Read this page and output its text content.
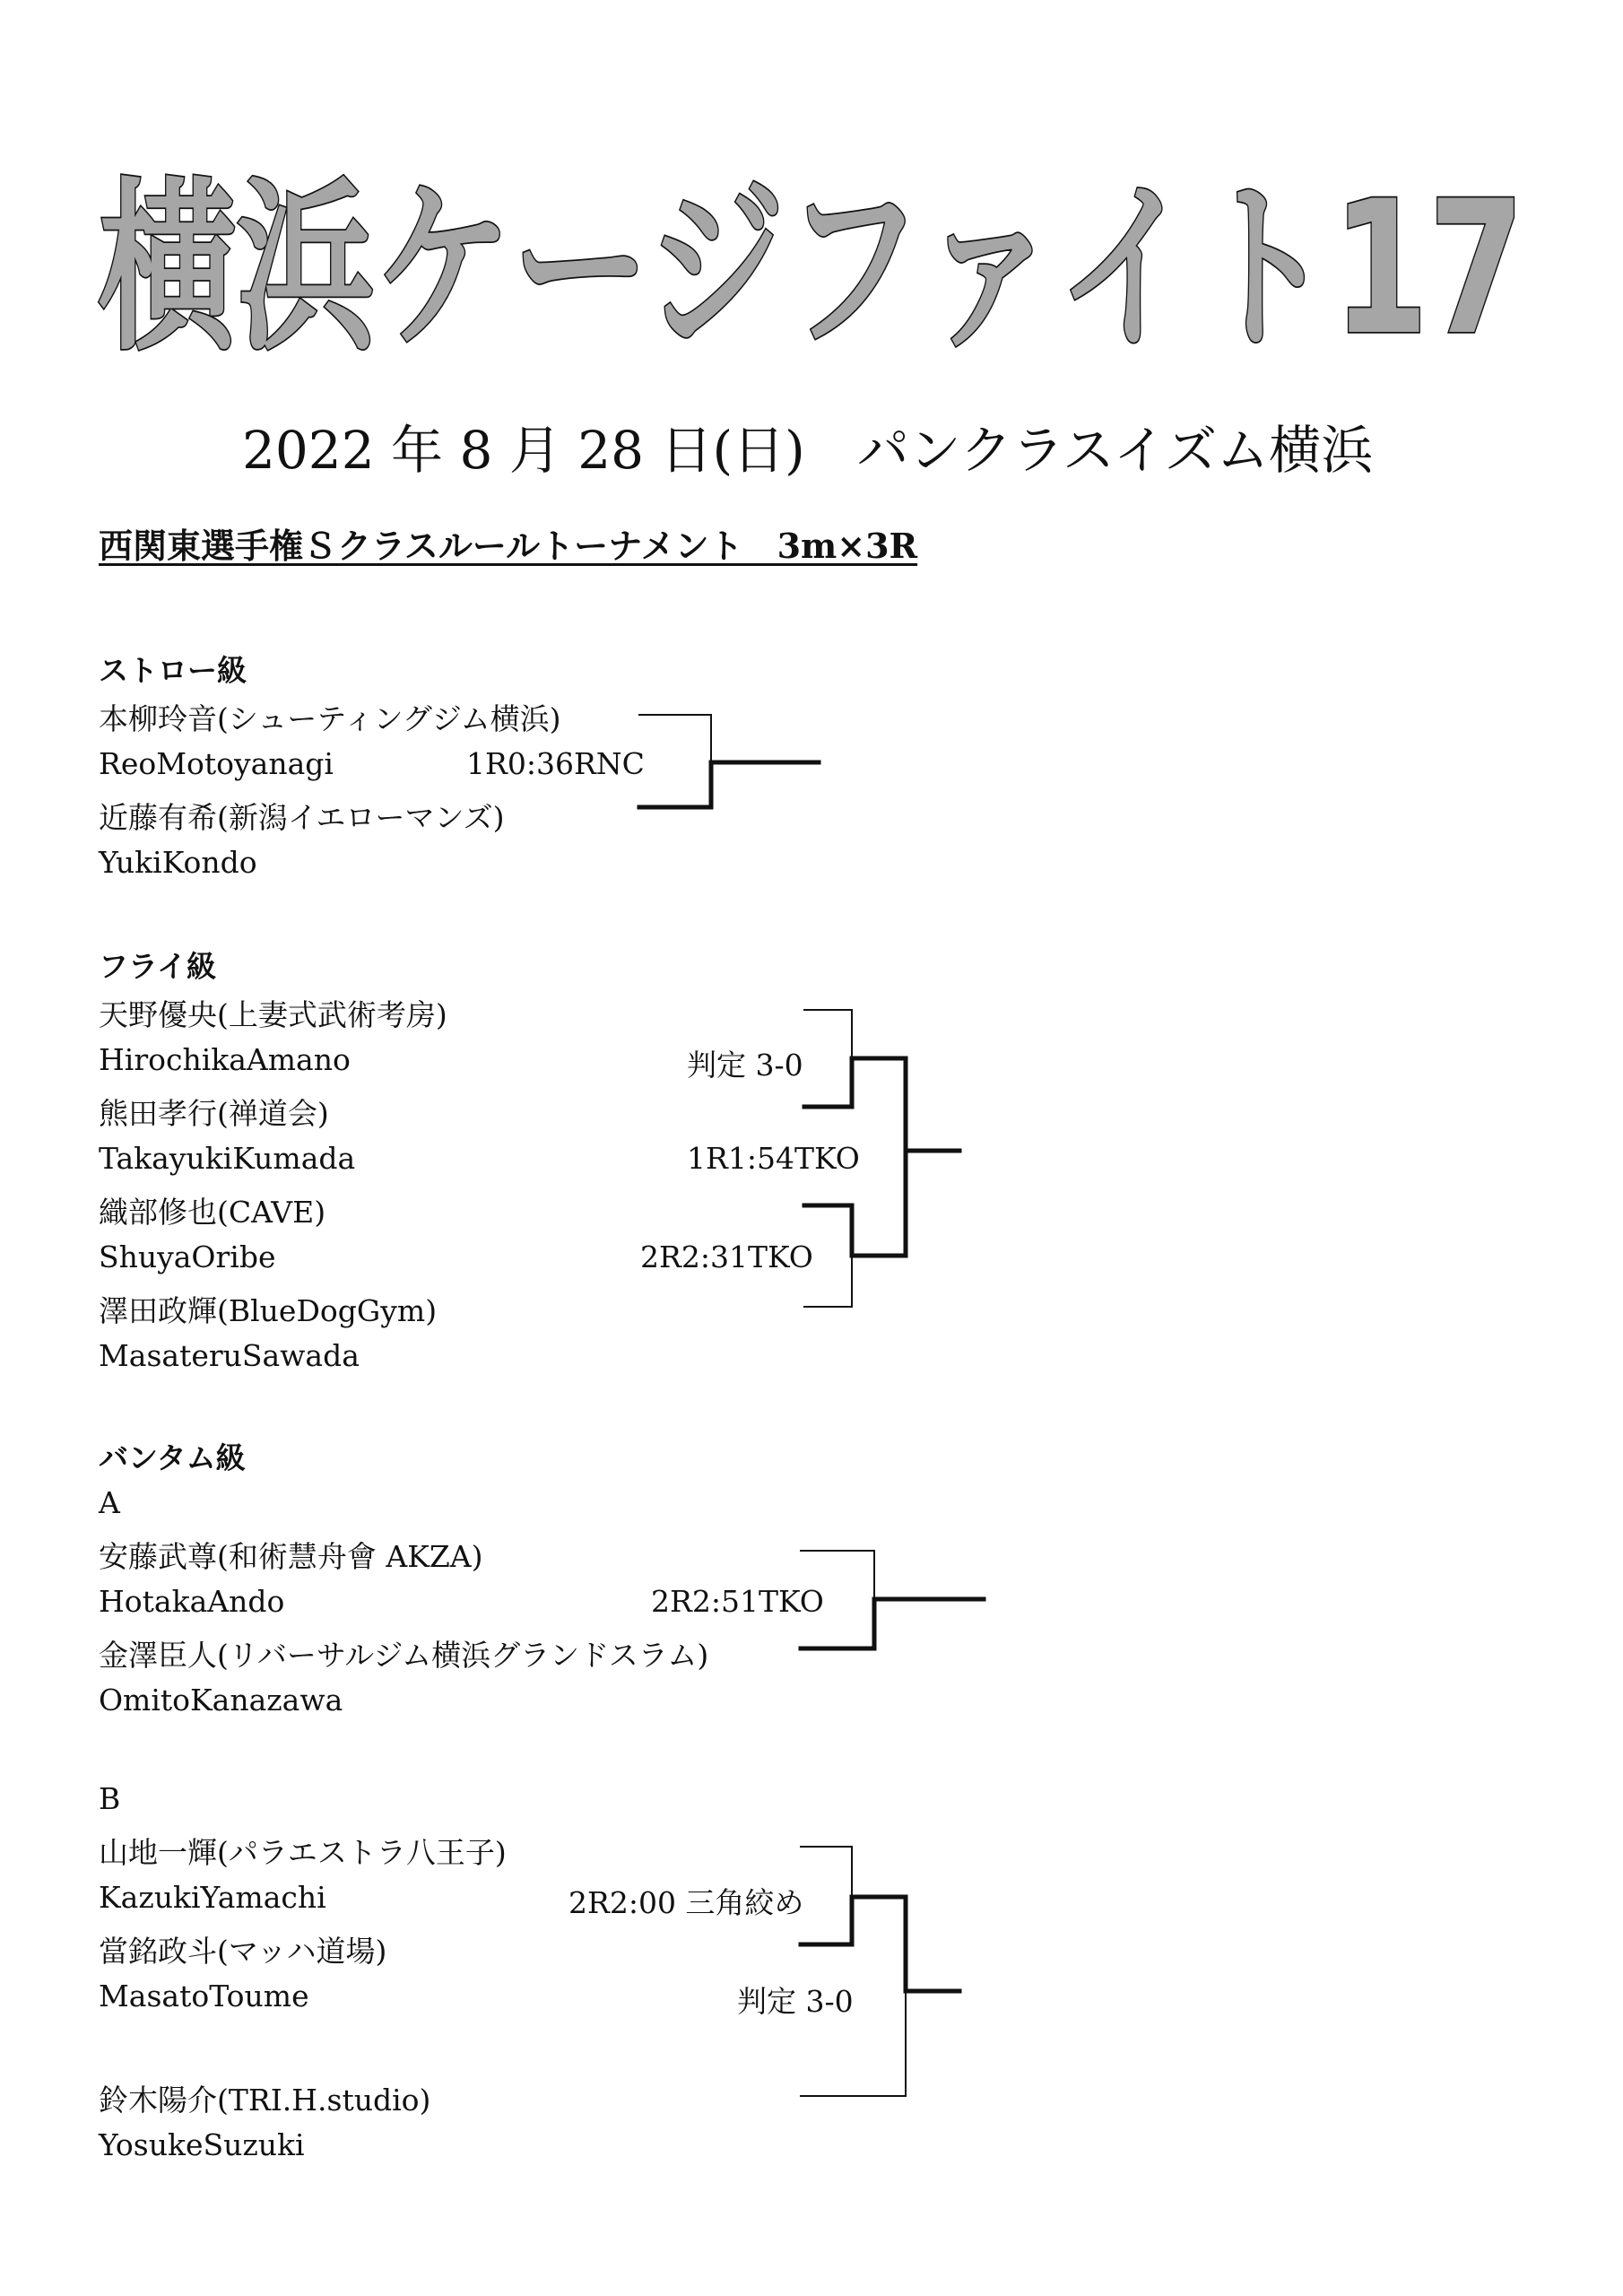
横浜ケージファイト17
2022 年 8 月 28 日(日)　パンクラスイズム横浜
西関東選手権Ｓクラスルールトーナメント　3m×3R
ストロー級
本柳玲音(シューティングジム横浜)
ReoMotoyanagi
近藤有希(新潟イエローマンズ)
YukiKondo
1R0:36RNC
フライ級
天野優央(上妻式武術考房)
HirochikaAmano
熊田孝行(禅道会)
TakayukiKumada
織部修也(CAVE)
ShuyaOribe
澤田政輝(BlueDogGym)
MasateruSawada
判定 3-0
1R1:54TKO
2R2:31TKO
バンタム級
A
安藤武尊(和術慧舟會 AKZA)
HotakaAndo
金澤臣人(リバーサルジム横浜グランドスラム)
OmitoKanazawa
2R2:51TKO
B
山地一輝(パラエストラ八王子)
KazukiYamachi
當銘政斗(マッハ道場)
MasatoToume
鈴木陽介(TRI.H.studio)
YosukeSuzuki
2R2:00 三角絞め
判定 3-0
